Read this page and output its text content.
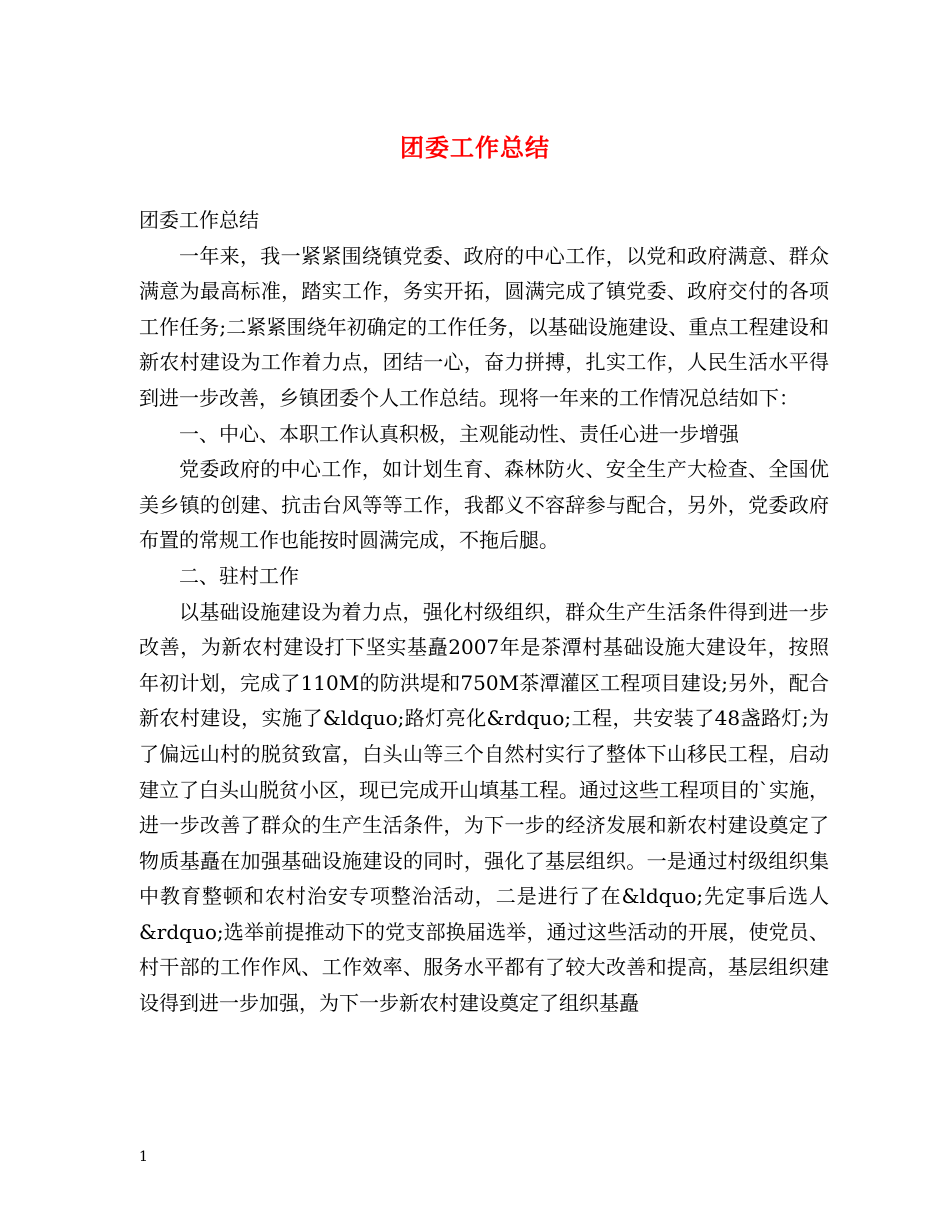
团委工作总结

团委工作总结

一年来，我一紧紧围绕镇党委、政府的中心工作，以党和政府满意、群众满意为最高标准，踏实工作，务实开拓，圆满完成了镇党委、政府交付的各项工作任务;二紧紧围绕年初确定的工作任务，以基础设施建设、重点工程建设和新农村建设为工作着力点，团结一心，奋力拼搏，扎实工作，人民生活水平得到进一步改善，乡镇团委个人工作总结。现将一年来的工作情况总结如下：

一、中心、本职工作认真积极，主观能动性、责任心进一步增强

党委政府的中心工作，如计划生育、森林防火、安全生产大检查、全国优美乡镇的创建、抗击台风等等工作，我都义不容辞参与配合，另外，党委政府布置的常规工作也能按时圆满完成，不拖后腿。

二、驻村工作

以基础设施建设为着力点，强化村级组织，群众生产生活条件得到进一步改善，为新农村建设打下坚实基矗2007年是茶潭村基础设施大建设年，按照年初计划，完成了110M的防洪堤和750M茶潭灌区工程项目建设;另外，配合新农村建设，实施了&ldquo;路灯亮化&rdquo;工程，共安装了48盏路灯;为了偏远山村的脱贫致富，白头山等三个自然村实行了整体下山移民工程，启动建立了白头山脱贫小区，现已完成开山填基工程。通过这些工程项目的`实施，进一步改善了群众的生产生活条件，为下一步的经济发展和新农村建设奠定了物质基矗在加强基础设施建设的同时，强化了基层组织。一是通过村级组织集中教育整顿和农村治安专项整治活动，二是进行了在&ldquo;先定事后选人&rdquo;选举前提推动下的党支部换届选举，通过这些活动的开展，使党员、村干部的工作作风、工作效率、服务水平都有了较大改善和提高，基层组织建设得到进一步加强，为下一步新农村建设奠定了组织基矗

1
